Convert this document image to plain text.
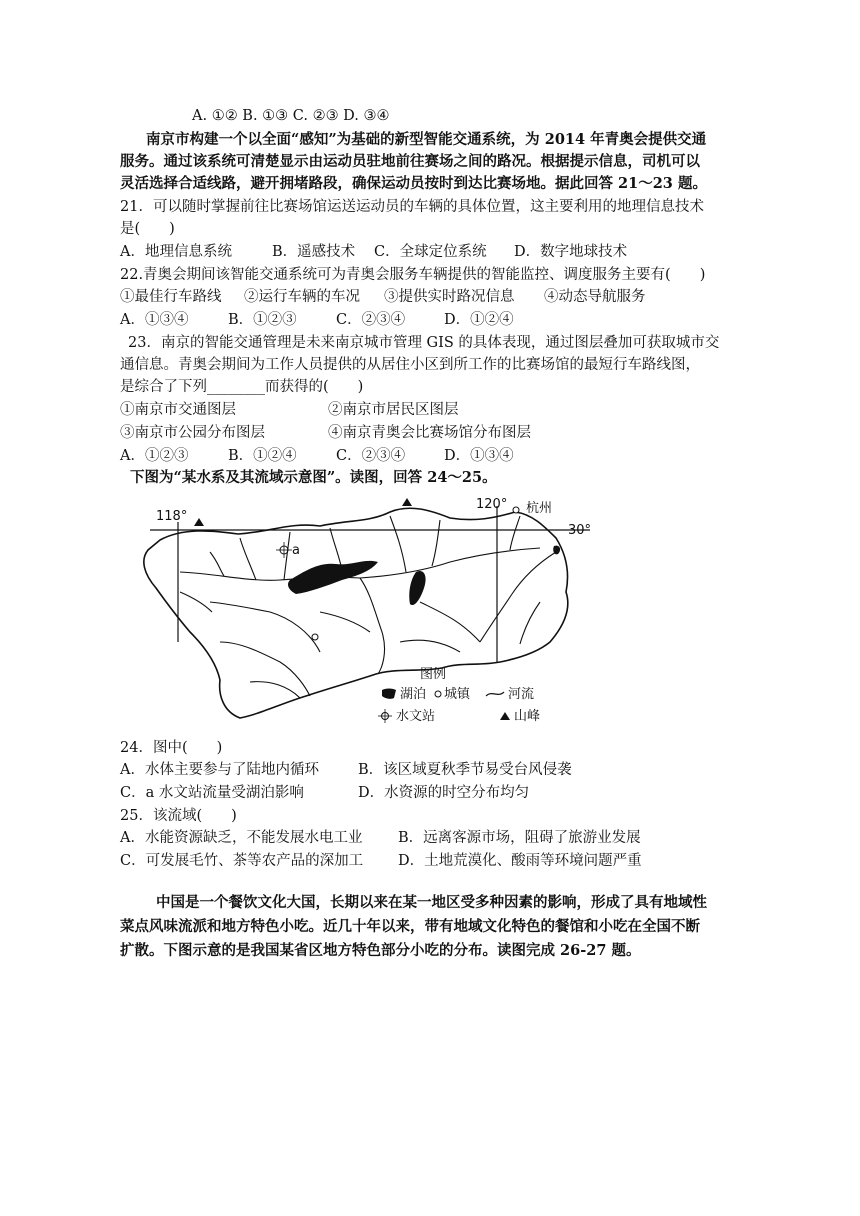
A. ①② B. ①③ C. ②③ D. ③④
南京市构建一个以全面“感知”为基础的新型智能交通系统，为 2014 年青奥会提供交通
服务。通过该系统可清楚显示由运动员驻地前往赛场之间的路况。根据提示信息，司机可以
灵活选择合适线路，避开拥堵路段，确保运动员按时到达比赛场地。据此回答 21～23 题。
21．可以随时掌握前往比赛场馆运送运动员的车辆的具体位置，这主要利用的地理信息技术
是(　　)
A．地理信息系统	B．遥感技术 C．全球定位系统 D．数字地球技术
22.青奥会期间该智能交通系统可为青奥会服务车辆提供的智能监控、调度服务主要有(　　)
①最佳行车路线 ②运行车辆的车况 ③提供实时路况信息 ④动态导航服务
A．①③④	B．①②③	C．②③④	D．①②④
23．南京的智能交通管理是未来南京城市管理 GIS 的具体表现，通过图层叠加可获取城市交
通信息。青奥会期间为工作人员提供的从居住小区到所工作的比赛场馆的最短行车路线图，
是综合了下列________而获得的(　　)
①南京市交通图层	②南京市居民区图层
③南京市公园分布图层	④南京青奥会比赛场馆分布图层
A．①②③	B．①②④	C．②③④	D．①③④
下图为“某水系及其流域示意图”。读图，回答 24～25。
118°
120°
30°
a
杭州
图例
湖泊 城镇	河流
水文站	山峰
24．图中(　　)
A．水体主要参与了陆地内循环	B．该区域夏秋季节易受台风侵袭
C．a 水文站流量受湖泊影响	D．水资源的时空分布均匀
25．该流域(　　)
A．水能资源缺乏，不能发展水电工业 B．远离客源市场，阻碍了旅游业发展
C．可发展毛竹、茶等农产品的深加工 D．土地荒漠化、酸雨等环境问题严重
中国是一个餐饮文化大国，长期以来在某一地区受多种因素的影响，形成了具有地域性
菜点风味流派和地方特色小吃。近几十年以来，带有地域文化特色的餐馆和小吃在全国不断
扩散。下图示意的是我国某省区地方特色部分小吃的分布。读图完成 26-27 题。
